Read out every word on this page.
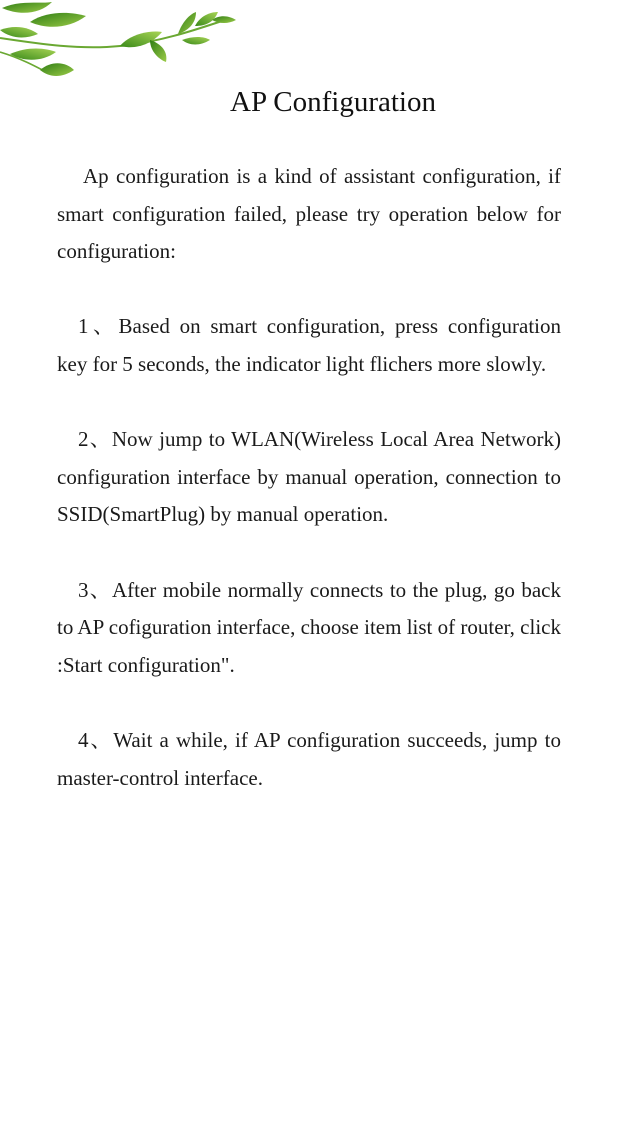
AP Configuration

Ap configuration is a kind of assistant configuration, if smart configuration failed, please try operation below for configuration:

1、Based on smart configuration, press configuration key for 5 seconds, the indicator light flichers more slowly.

2、Now jump to WLAN(Wireless Local Area Network) configuration interface by manual operation, connection to SSID(SmartPlug) by manual operation.

3、After mobile normally connects to the plug, go back to AP cofiguration interface, choose item list of router, click :Start configuration".

4、Wait a while, if AP configuration succeeds, jump to master-control interface.
